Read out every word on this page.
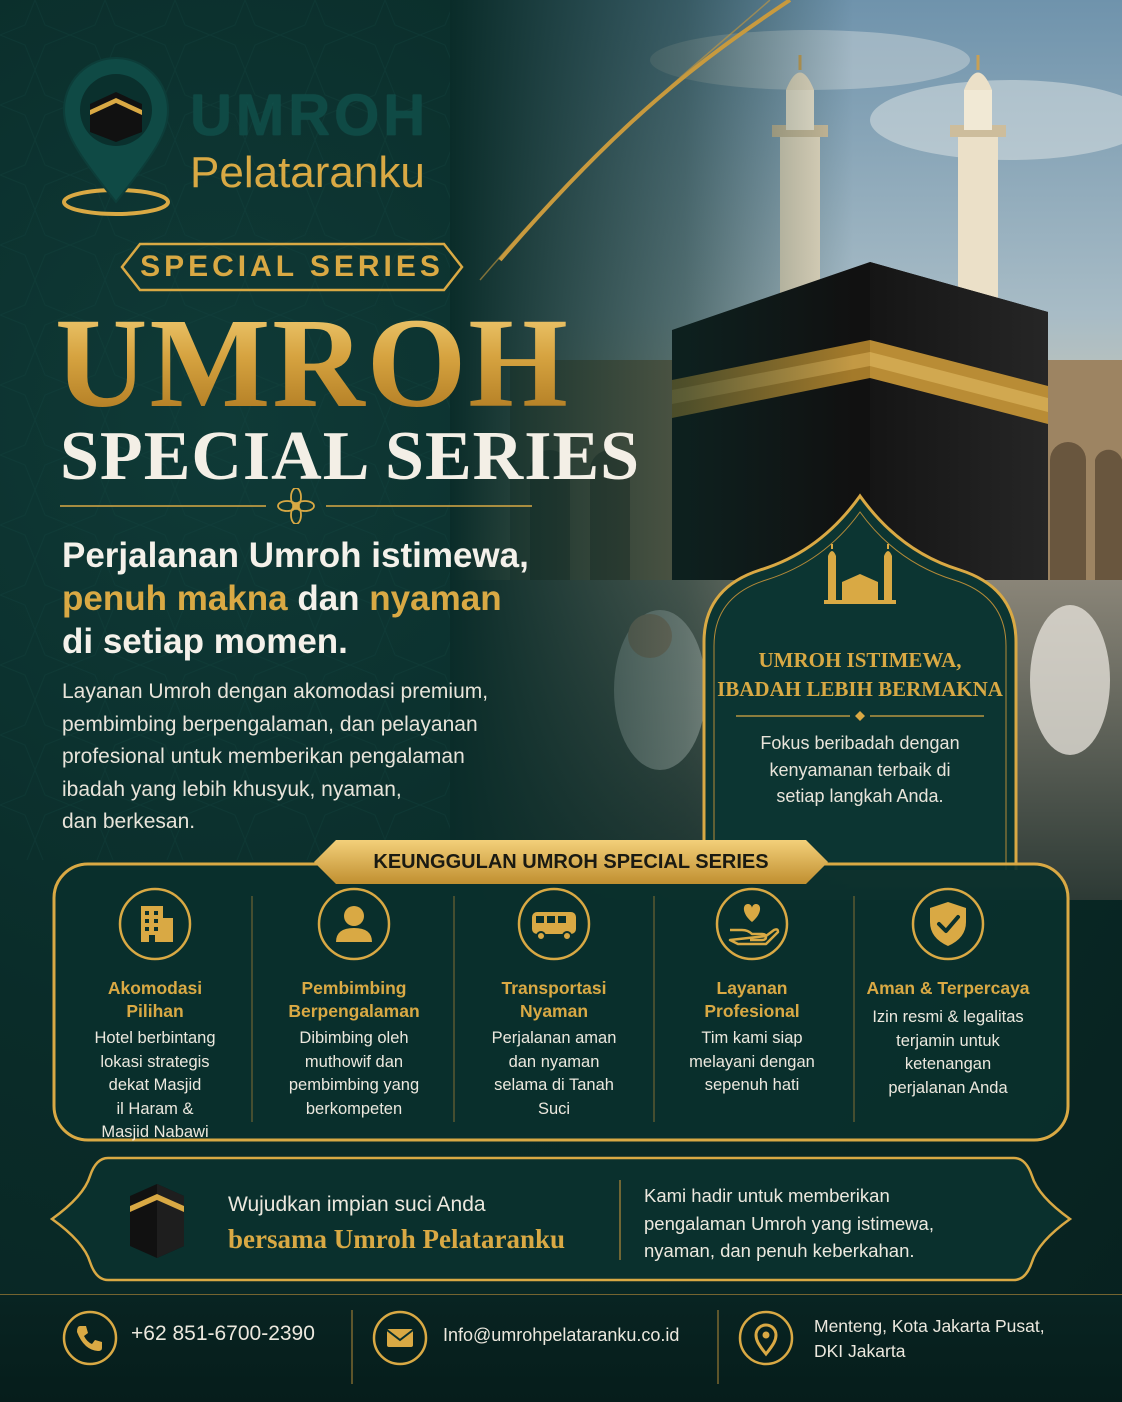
UMROH
Pelataranku
SPECIAL SERIES
UMROH
SPECIAL SERIES
Perjalanan Umroh istimewa,
penuh makna dan nyaman
di setiap momen.
Layanan Umroh dengan akomodasi premium,
pembimbing berpengalaman, dan pelayanan
profesional untuk memberikan pengalaman
ibadah yang lebih khusyuk, nyaman,
dan berkesan.
UMROH ISTIMEWA,
IBADAH LEBIH BERMAKNA
Fokus beribadah dengan
kenyamanan terbaik di
setiap langkah Anda.
KEUNGGULAN UMROH SPECIAL SERIES
Akomodasi
Pilihan
Hotel berbintang
lokasi strategis
dekat Masjid
il Haram &
Masjid Nabawi
Pembimbing
Berpengalaman
Dibimbing oleh
muthowif dan
pembimbing yang
berkompeten
Transportasi
Nyaman
Perjalanan aman
dan nyaman
selama di Tanah
Suci
Layanan
Profesional
Tim kami siap
melayani dengan
sepenuh hati
Aman & Terpercaya
Izin resmi & legalitas
terjamin untuk
ketenangan
perjalanan Anda
Wujudkan impian suci Anda
bersama Umroh Pelataranku
Kami hadir untuk memberikan
pengalaman Umroh yang istimewa,
nyaman, dan penuh keberkahan.
+62 851-6700-2390	Info@umrohpelataranku.co.id	Menteng, Kota Jakarta Pusat,
DKI Jakarta
